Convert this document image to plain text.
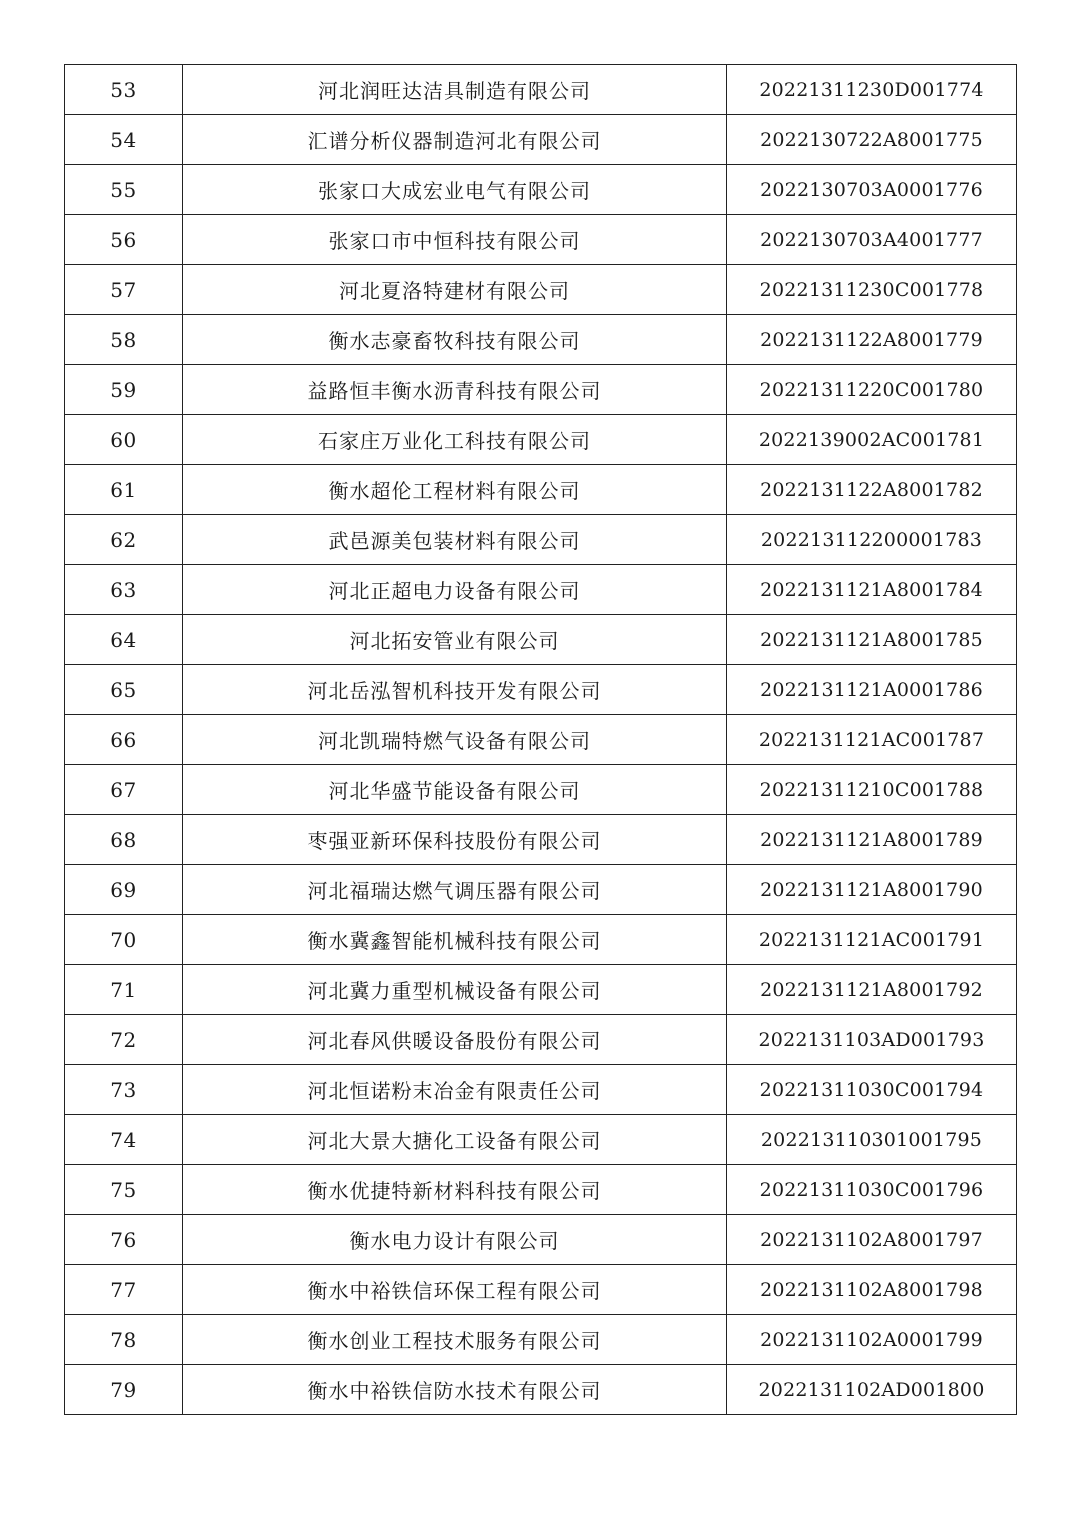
53	河北润旺达洁具制造有限公司	20221311230D001774
54	汇谱分析仪器制造河北有限公司	2022130722A8001775
55	张家口大成宏业电气有限公司	2022130703A0001776
56	张家口市中恒科技有限公司	2022130703A4001777
57	河北夏洛特建材有限公司	20221311230C001778
58	衡水志豪畜牧科技有限公司	2022131122A8001779
59	益路恒丰衡水沥青科技有限公司	20221311220C001780
60	石家庄万业化工科技有限公司	2022139002AC001781
61	衡水超伦工程材料有限公司	2022131122A8001782
62	武邑源美包装材料有限公司	202213112200001783
63	河北正超电力设备有限公司	2022131121A8001784
64	河北拓安管业有限公司	2022131121A8001785
65	河北岳泓智机科技开发有限公司	2022131121A0001786
66	河北凯瑞特燃气设备有限公司	2022131121AC001787
67	河北华盛节能设备有限公司	20221311210C001788
68	枣强亚新环保科技股份有限公司	2022131121A8001789
69	河北福瑞达燃气调压器有限公司	2022131121A8001790
70	衡水冀鑫智能机械科技有限公司	2022131121AC001791
71	河北冀力重型机械设备有限公司	2022131121A8001792
72	河北春风供暖设备股份有限公司	2022131103AD001793
73	河北恒诺粉末冶金有限责任公司	20221311030C001794
74	河北大景大搪化工设备有限公司	202213110301001795
75	衡水优捷特新材料科技有限公司	20221311030C001796
76	衡水电力设计有限公司	2022131102A8001797
77	衡水中裕铁信环保工程有限公司	2022131102A8001798
78	衡水创业工程技术服务有限公司	2022131102A0001799
79	衡水中裕铁信防水技术有限公司	2022131102AD001800
